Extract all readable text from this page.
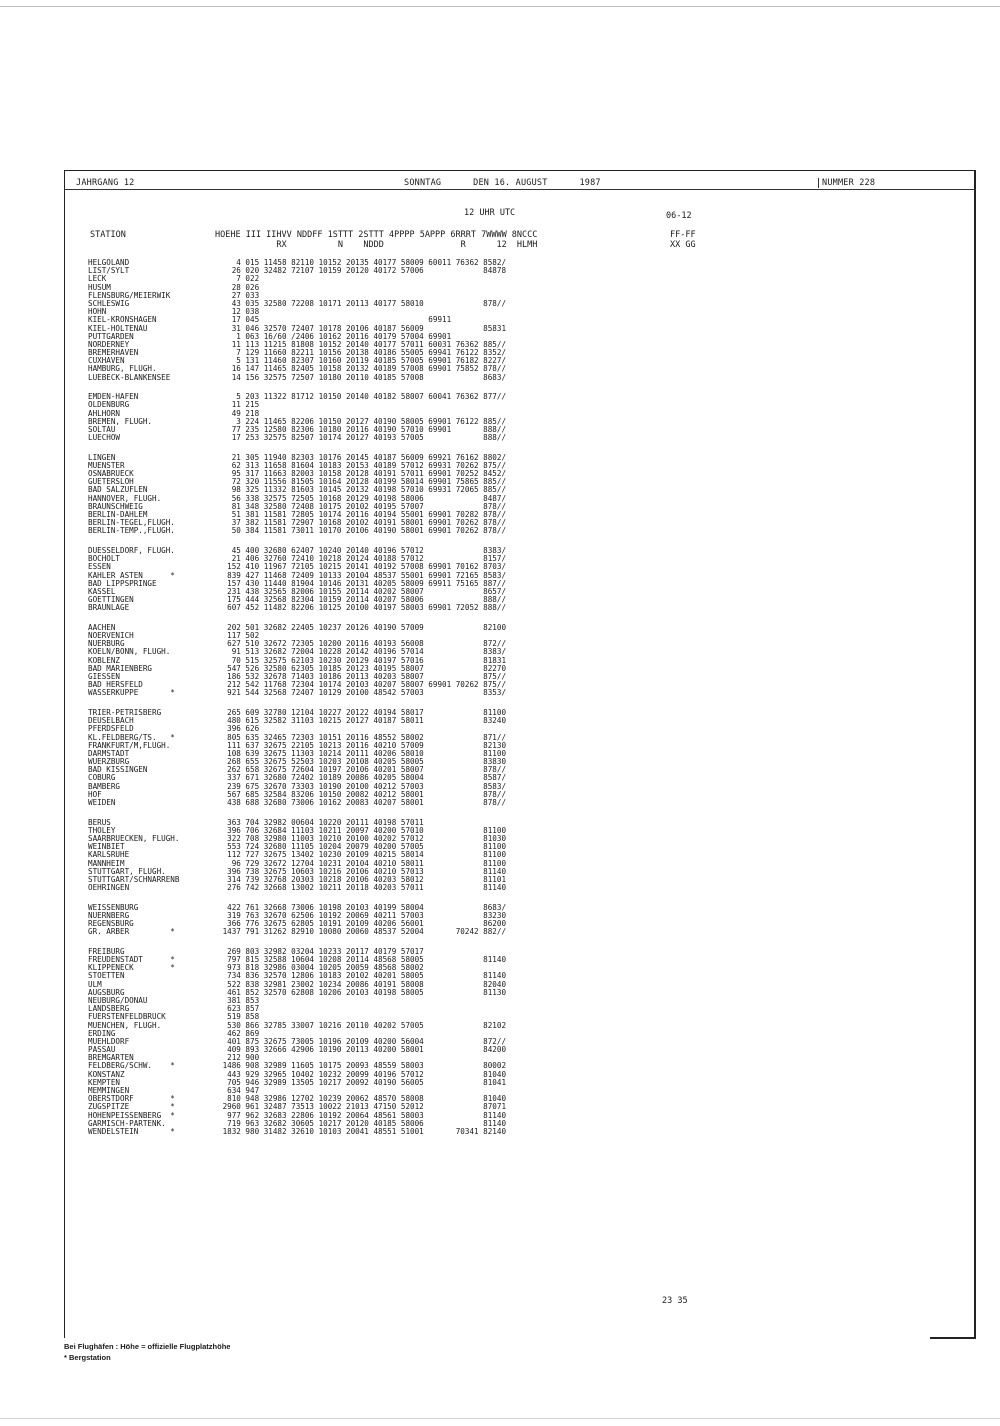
JAHRGANG 12	SONNTAG      DEN 16. AUGUST      1987	NUMMER 228
12 UHR UTC
STATION	HOEHE III IIHVV NDDFF 1STTT 2STTT 4PPPP 5APPP 6RRRT 7WWWW 8NCCC
RX          N    NDDD               R      12  HLMH
06-12
FF-FF
XX GG
HELGOLAND	4 015 11458 82110 10152 20135 40177 58009 60011 76362 8582/
LIST/SYLT	26 020 32482 72107 10159 20120 40172 57006             84878
LECK	7 022
HUSUM	28 026
FLENSBURG/MEIERWIK	27 033
SCHLESWIG	43 035 32580 72208 10171 20113 40177 58010             878//
HOHN	12 038
KIEL-KRONSHAGEN	17 045                                     69911
KIEL-HOLTENAU	31 046 32570 72407 10178 20106 40187 56009             85831
PUTTGARDEN	1 063 16/60 /2406 10162 20116 40179 57004 69901
NORDERNEY	11 113 11215 81808 10152 20140 40177 57011 60031 76362 885//
BREMERHAVEN	7 129 11660 82211 10156 20138 40186 55005 69941 76122 8352/
CUXHAVEN	5 131 11460 82307 10160 20119 40185 57005 69901 76182 8227/
HAMBURG, FLUGH.	16 147 11465 82405 10158 20132 40189 57008 69901 75852 878//
LUEBECK-BLANKENSEE	14 156 32575 72507 10180 20110 40185 57008             8683/
EMDEN-HAFEN	5 203 11322 81712 10150 20140 40182 58007 60041 76362 877//
OLDENBURG	11 215
AHLHORN	49 218
BREMEN, FLUGH.	3 224 11465 82206 10150 20127 40190 58005 69901 76122 885//
SOLTAU	77 235 12580 82306 10180 20116 40190 57010 69901       888//
LUECHOW	17 253 32575 82507 10174 20127 40193 57005             888//
LINGEN	21 305 11940 82303 10176 20145 40187 56009 69921 76162 8802/
MUENSTER	62 313 11658 81604 10183 20153 40189 57012 69931 70262 875//
OSNABRUECK	95 317 11663 82003 10158 20128 40191 57011 69901 70252 8452/
GUETERSLOH	72 320 11556 81505 10164 20128 40199 58014 69901 75865 885//
BAD SALZUFLEN	98 325 11332 81603 10145 20132 40198 57010 69931 72065 885//
HANNOVER, FLUGH.	56 338 32575 72505 10168 20129 40198 58006             8487/
BRAUNSCHWEIG	81 348 32580 72408 10175 20102 40195 57007             878//
BERLIN-DAHLEM	51 381 11581 72805 10174 20116 40194 55001 69901 70282 878//
BERLIN-TEGEL,FLUGH.	37 382 11581 72907 10168 20102 40191 58001 69901 70262 878//
BERLIN-TEMP.,FLUGH.	50 384 11581 73011 10170 20106 40190 58001 69901 70262 878//
DUESSELDORF, FLUGH.	45 400 32680 62407 10240 20140 40196 57012             8383/
BOCHOLT	21 406 32760 72410 10218 20124 40188 57012             8157/
ESSEN	152 410 11967 72105 10215 20141 40192 57008 69901 70162 8703/
KAHLER ASTEN      *	839 427 11468 72409 10133 20104 48537 55001 69901 72165 8583/
BAD LIPPSPRINGE	157 430 11440 81904 10146 20131 40205 58009 69911 75165 887//
KASSEL	231 438 32565 82006 10155 20114 40202 58007             8657/
GOETTINGEN	175 444 32568 82304 10159 20114 40207 58006             888//
BRAUNLAGE	607 452 11482 82206 10125 20100 40197 58003 69901 72052 888//
AACHEN	202 501 32682 22405 10237 20126 40190 57009             82100
NOERVENICH	117 502
NUERBURG	627 510 32672 72305 10200 20116 40193 56008             872//
KOELN/BONN, FLUGH.	91 513 32682 72004 10228 20142 40196 57014             8383/
KOBLENZ	70 515 32575 62103 10230 20129 40197 57016             81831
BAD MARIENBERG	547 526 32580 62305 10185 20123 40195 58007             82270
GIESSEN	186 532 32678 71403 10186 20113 40203 58007             875//
BAD HERSFELD	212 542 11768 72304 10174 20103 40207 58007 69901 70262 875//
WASSERKUPPE       *	921 544 32568 72407 10129 20100 48542 57003             8353/
TRIER-PETRISBERG	265 609 32780 12104 10227 20122 40194 58017             81100
DEUSELBACH	480 615 32582 31103 10215 20127 40187 58011             83240
PFERDSFELD	396 626
KL.FELDBERG/TS.   *	805 635 32465 72303 10151 20116 48552 58002             871//
FRANKFURT/M,FLUGH.	111 637 32675 22105 10213 20116 40210 57009             82130
DARMSTADT	108 639 32675 11303 10214 20111 40206 58010             81100
WUERZBURG	268 655 32675 52503 10203 20108 40205 58005             83830
BAD KISSINGEN	262 658 32675 72604 10197 20106 40201 58007             878//
COBURG	337 671 32680 72402 10189 20086 40205 58004             8587/
BAMBERG	239 675 32670 73303 10190 20100 40212 57003             8583/
HOF	567 685 32584 83206 10150 20082 40212 58001             878//
WEIDEN	438 688 32680 73006 10162 20083 40207 58001             878//
BERUS	363 704 32982 00604 10220 20111 40198 57011
THOLEY	396 706 32684 11103 10211 20097 40200 57010             81100
SAARBRUECKEN, FLUGH.	322 708 32980 11003 10210 20100 40202 57012             81030
WEINBIET	553 724 32680 11105 10204 20079 40200 57005             81100
KARLSRUHE	112 727 32675 13402 10230 20109 40215 58014             81100
MANNHEIM	96 729 32672 12704 10231 20104 40210 58011             81100
STUTTGART, FLUGH.	396 738 32675 10603 10216 20106 40210 57013             81140
STUTTGART/SCHNARRENB	314 739 32768 20303 10218 20106 40203 58012             81101
OEHRINGEN	276 742 32668 13002 10211 20118 40203 57011             81140
WEISSENBURG	422 761 32668 73006 10198 20103 40199 58004             8683/
NUERNBERG	319 763 32670 62506 10192 20069 40211 57003             83230
REGENSBURG	366 776 32675 62805 10191 20109 40206 56001             86200
GR. ARBER         *	1437 791 31262 82910 10080 20060 48537 52004       70242 882//
FREIBURG	269 803 32982 03204 10233 20117 40179 57017
FREUDENSTADT      *	797 815 32588 10604 10208 20114 48568 58005             81140
KLIPPENECK        *	973 818 32986 03004 10205 20059 48568 58002
STOETTEN	734 836 32570 12806 10183 20102 40201 58005             81140
ULM	522 838 32981 23002 10234 20086 40191 58008             82040
AUGSBURG	461 852 32570 62808 10206 20103 40198 58005             81130
NEUBURG/DONAU	381 853
LANDSBERG	623 857
FUERSTENFELDBRUCK	519 858
MUENCHEN, FLUGH.	530 866 32785 33007 10216 20110 40202 57005             82102
ERDING	462 869
MUEHLDORF	401 875 32675 73005 10196 20109 40200 56004             872//
PASSAU	409 893 32666 42906 10190 20113 40200 58001             84200
BREMGARTEN	212 900
FELDBERG/SCHW.    *	1486 908 32989 11605 10175 20093 48559 58003             80002
KONSTANZ	443 929 32965 10402 10232 20099 40196 57012             81040
KEMPTEN	705 946 32989 13505 10217 20092 40190 56005             81041
MEMMINGEN	634 947
OBERSTDORF        *	810 948 32986 12702 10239 20062 48570 58008             81040
ZUGSPITZE         *	2960 961 32487 73513 10022 21013 47150 52012             87071
HOHENPEISSENBERG  *	977 962 32683 22806 10192 20064 48561 58003             81140
GARMISCH-PARTENK.	719 963 32682 30605 10217 20120 40185 58006             81140
WENDELSTEIN       *	1832 980 31482 32610 10103 20041 48551 51001       70341 82140
23 35
Bei Flughäfen : Höhe = offizielle Flugplatzhöhe
* Bergstation
